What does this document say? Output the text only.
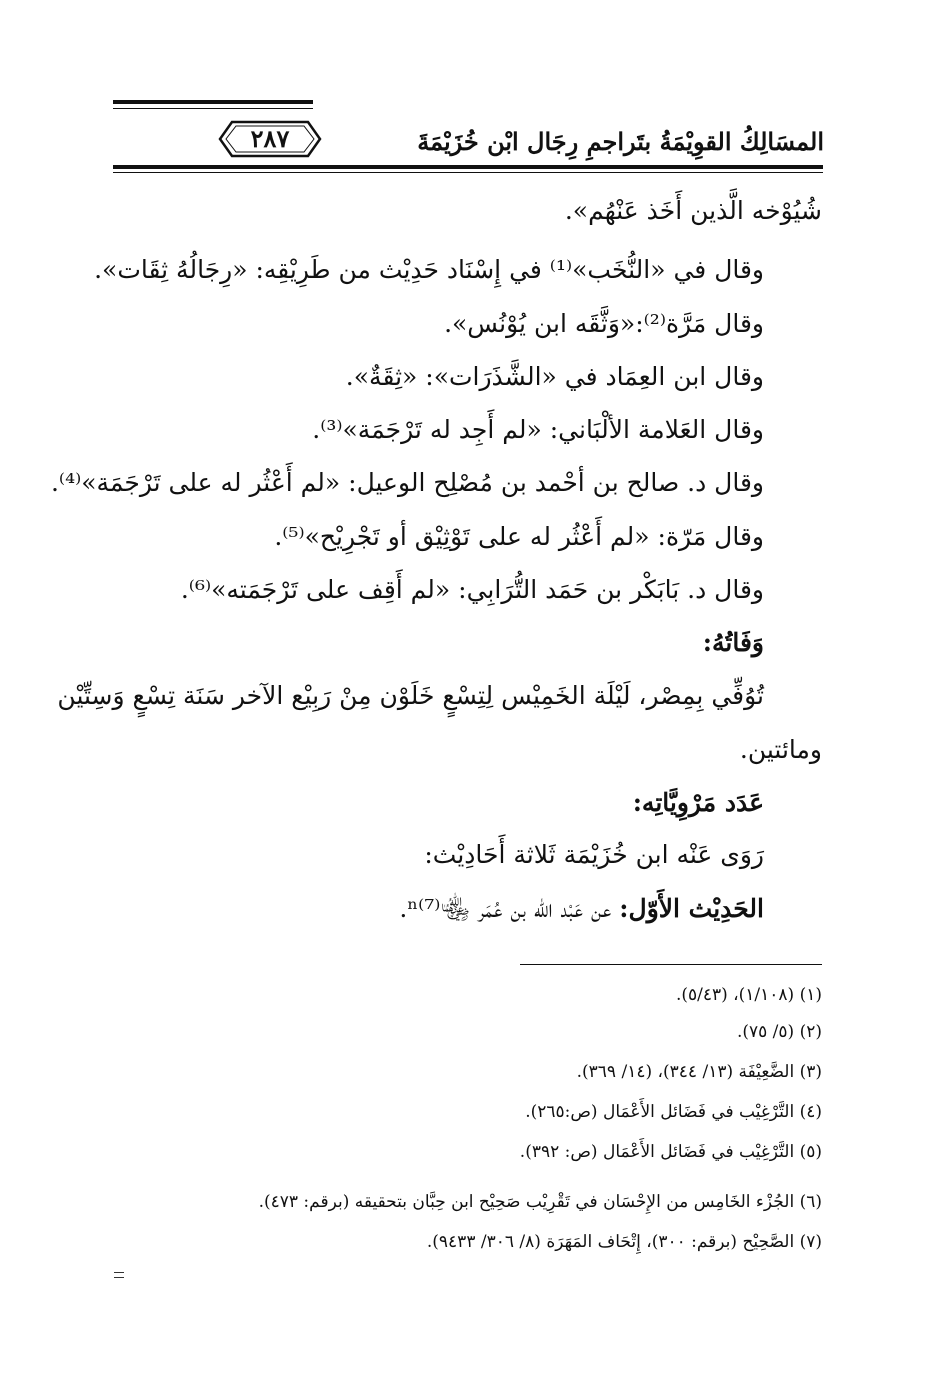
٢٨٧	المسَالِكُ القوِيْمَةُ بتَراجمِ رِجَال ابْن خُزَيْمَةَ
شُيُوْخه الَّذين أَخَذ عَنْهُم».
وقال في «النُّخَب»⁽¹⁾ في إِسْنَاد حَدِيْث من طَرِيْقِه: «رِجَالُهُ ثِقَات».
وقال مَرَّة⁽²⁾:«وَثَّقَه ابن يُوْنُس».
وقال ابن العِمَاد في «الشَّذَرَات»: «ثِقَةٌ».
وقال العَلامة الألْبَاني: «لم أَجِد له تَرْجَمَة»⁽³⁾.
وقال د. صالح بن أحْمد بن مُصْلِح الوعيل: «لم أَعْثُر له على تَرْجَمَة»⁽⁴⁾.
وقال مَرّة: «لم أَعْثُر له على تَوْثِيْق أو تَجْرِيْح»⁽⁵⁾.
وقال د. بَابَكْر بن حَمَد التُّرَابِي: «لم أَقِف على تَرْجَمَته»⁽⁶⁾.
وَفَاتُهُ:
تُوُفِّي بِمِصْر، لَيْلَة الخَمِيْس لِتِسْعٍ خَلَوْن مِنْ رَبِيْع الآخر سَنَة تِسْعٍ وَسِتِّيْن
ومائتين.
عَدَد مَرْوِيَّاتِه:
رَوَى عَنْه ابن خُزَيْمَة ثَلاثة أَحَادِيْث:
الحَدِيْث الأَوّل: عن عَبْد الله بن عُمَر ﵄ⁿ⁽⁷⁾.
(١) (١/١٠٨)، (٥/٤٣).
(٢) (٥/ ٧٥).
(٣) الضَّعِيْفَة (١٣/ ٣٤٤)، (١٤/ ٣٦٩).
(٤) التَّرْغِيْب في فَضَائل الأَعْمَال (ص:٢٦٥).
(٥) التَّرْغِيْب في فَضَائل الأَعْمَال (ص: ٣٩٢).
(٦) الجُزْء الخَامِس من الإِحْسَان في تَقْرِيْب صَحِيْح ابن حِبَّان بتحقيقه (برقم: ٤٧٣).
(٧) الصَّحِيْح (برقم: ٣٠٠)، إِتْحَاف المَهَرَة (٨/ ٣٠٦/ ٩٤٣٣).
